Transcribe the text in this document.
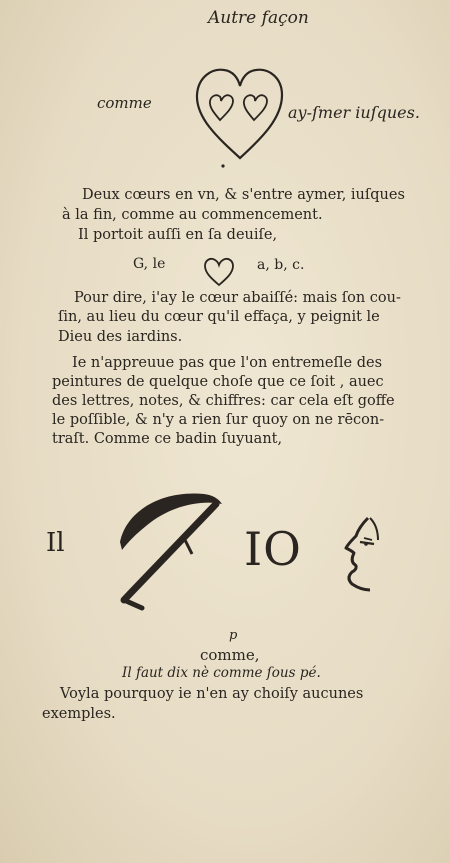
Autre façon
comme	ay-ſmer iuſques.
Deux cœurs en vn, & s'entre aymer, iuſques
à la fin, comme au commencement.
Il portoit auſſi en ſa deuiſe,
G, le	a, b, c.
Pour dire, i'ay le cœur abaiſſé: mais ſon cou-
ſin, au lieu du cœur qu'il effaça, y peignit le
Dieu des iardins.
Ie n'appreuue pas que l'on entremeſle des
peintures de quelque choſe que ce ſoit , auec
des lettres, notes, & chiffres: car cela eſt goffe
le poſſible, & n'y a rien ſur quoy on ne rēcon-
traſt. Comme ce badin ſuyuant,
Il	IO
p
comme,
Il faut dix nè comme ſous pé.
Voyla pourquoy ie n'en ay choiſy aucunes
exemples.
